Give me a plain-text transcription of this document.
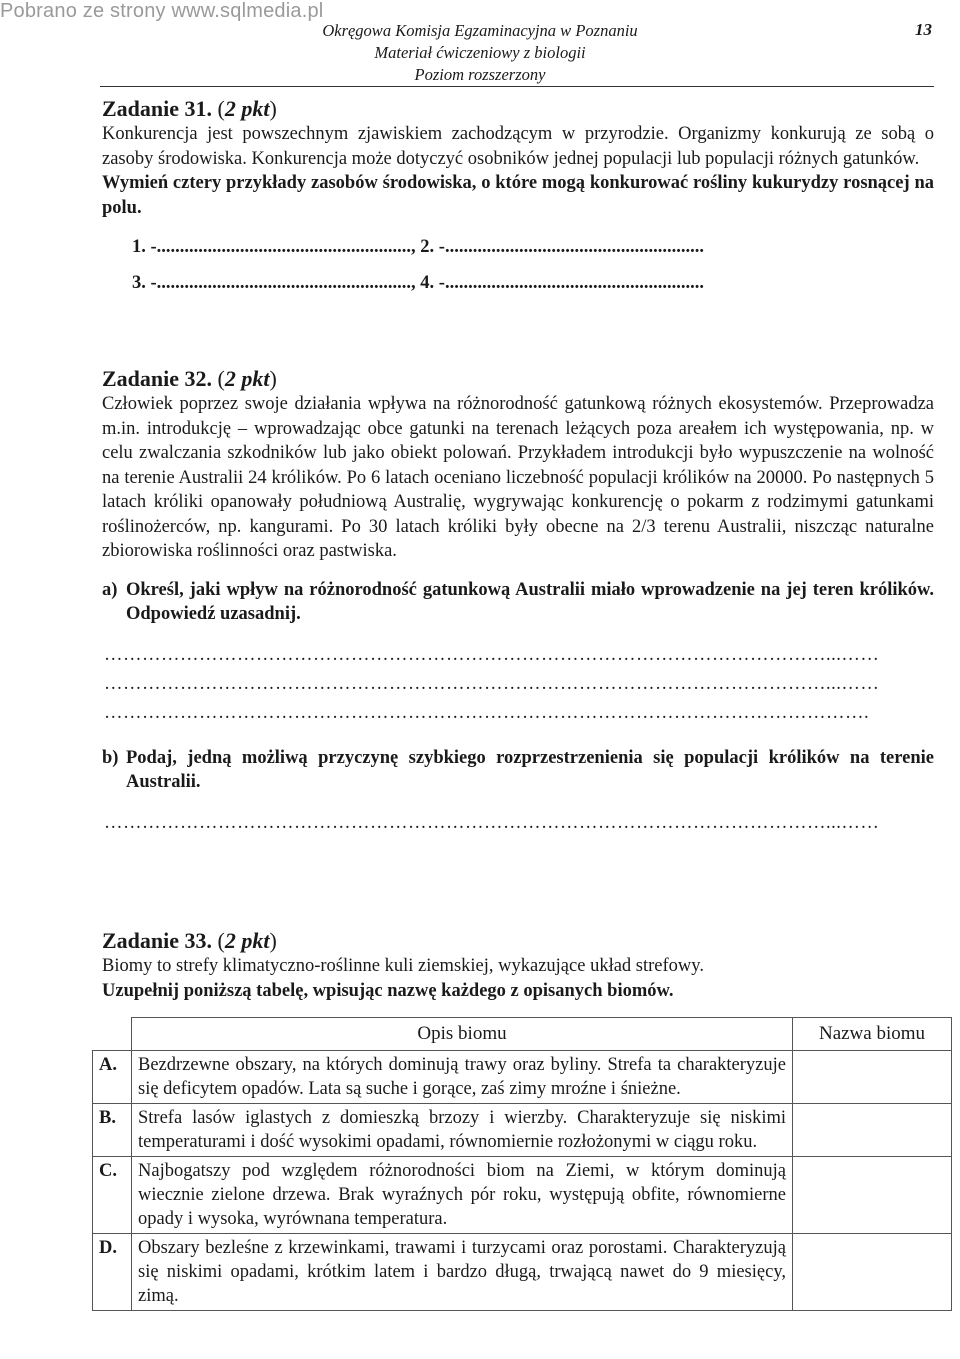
Pobrano ze strony www.sqlmedia.pl
Okręgowa Komisja Egzaminacyjna w Poznaniu
Materiał ćwiczeniowy z biologii
Poziom rozszerzony
13
Zadanie 31. (2 pkt)

Konkurencja jest powszechnym zjawiskiem zachodzącym w przyrodzie. Organizmy konkurują ze sobą o zasoby środowiska. Konkurencja może dotyczyć osobników jednej populacji lub populacji różnych gatunków.

Wymień cztery przykłady zasobów środowiska, o które mogą konkurować rośliny kukurydzy rosnącej na polu.

1. -......................................................., 2. -........................................................
3. -......................................................., 4. -........................................................
Zadanie 32. (2 pkt)

Człowiek poprzez swoje działania wpływa na różnorodność gatunkową różnych ekosystemów. Przeprowadza m.in. introdukcję – wprowadzając obce gatunki na terenach leżących poza areałem ich występowania, np. w celu zwalczania szkodników lub jako obiekt polowań. Przykładem introdukcji było wypuszczenie na wolność na terenie Australii 24 królików. Po 6 latach oceniano liczebność populacji królików na 20000. Po następnych 5 latach króliki opanowały południową Australię, wygrywając konkurencję o pokarm z rodzimymi gatunkami roślinożerców, np. kangurami. Po 30 latach króliki były obecne na 2/3 terenu Australii, niszcząc naturalne zbiorowiska roślinności oraz pastwiska.

a) Określ, jaki wpływ na różnorodność gatunkową Australii miało wprowadzenie na jej teren królików. Odpowiedź uzasadnij.
……………………………………………………………………………………………………...……
……………………………………………………………………………………………………...……
………………………………………………………………………………………………………….
b) Podaj, jedną możliwą przyczynę szybkiego rozprzestrzenienia się populacji królików na terenie Australii.
……………………………………………………………………………………………………...……
Zadanie 33. (2 pkt)

Biomy to strefy klimatyczno-roślinne kuli ziemskiej, wykazujące układ strefowy.

Uzupełnij poniższą tabelę, wpisując nazwę każdego z opisanych biomów.

	Opis biomu	Nazwa biomu
A.	Bezdrzewne obszary, na których dominują trawy oraz byliny. Strefa ta charakteryzuje się deficytem opadów. Lata są suche i gorące, zaś zimy mroźne i śnieżne.	
B.	Strefa lasów iglastych z domieszką brzozy i wierzby. Charakteryzuje się niskimi temperaturami i dość wysokimi opadami, równomiernie rozłożonymi w ciągu roku.	
C.	Najbogatszy pod względem różnorodności biom na Ziemi, w którym dominują wiecznie zielone drzewa. Brak wyraźnych pór roku, występują obfite, równomierne opady i wysoka, wyrównana temperatura.	
D.	Obszary bezleśne z krzewinkami, trawami i turzycami oraz porostami. Charakteryzują się niskimi opadami, krótkim latem i bardzo długą, trwającą nawet do 9 miesięcy, zimą.	
